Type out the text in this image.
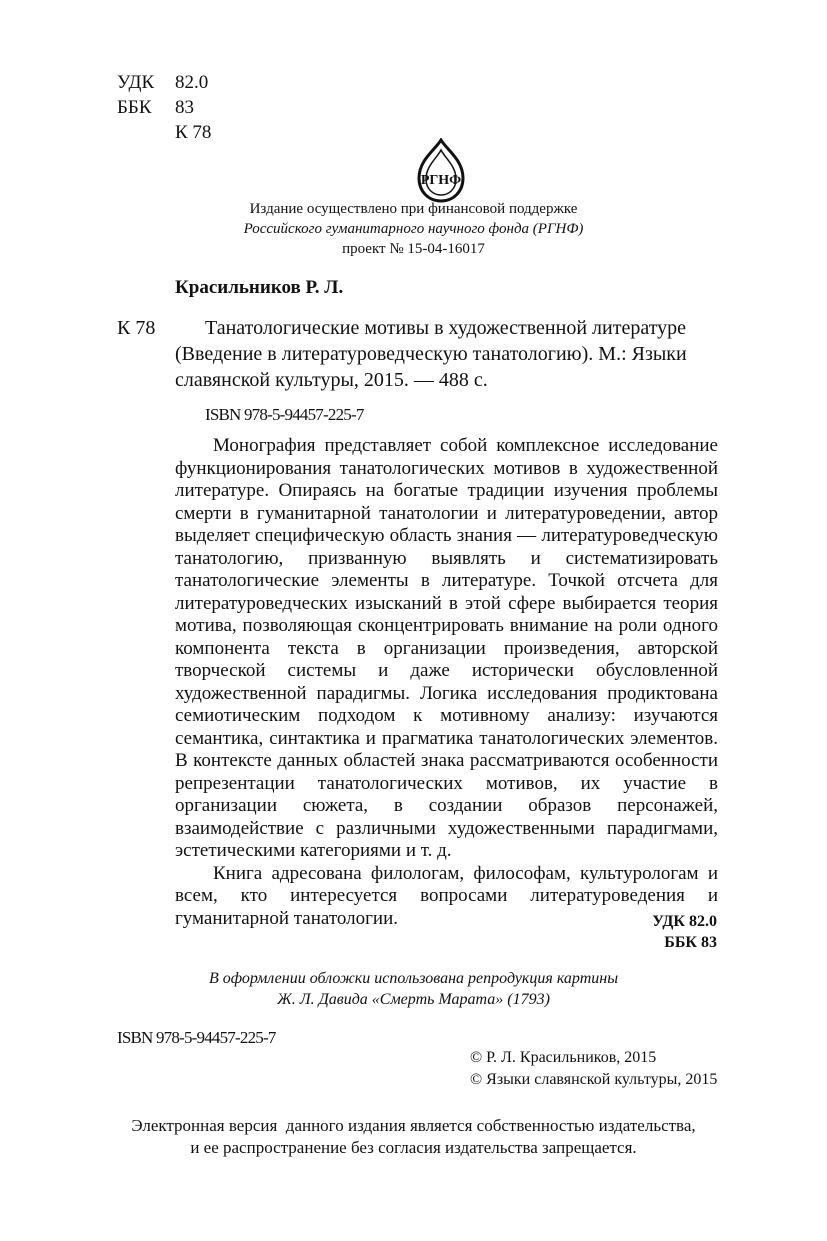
УДК 82.0
ББК 83
К 78
РГНФ
Издание осуществлено при финансовой поддержке
Российского гуманитарного научного фонда (РГНФ)
проект № 15-04-16017
Красильников Р. Л.
К 78	Танатологические мотивы в художественной литературе
(Введение в литературоведческую танатологию). М.: Языки
славянской культуры, 2015. — 488 с.
ISBN 978-5-94457-225-7

Монография представляет собой комплексное исследование функционирования танатологических мотивов в художественной литературе. Опираясь на богатые традиции изучения проблемы смерти в гуманитарной танатологии и литературоведении, автор выделяет специфическую область знания — литературоведческую танатологию, призванную выявлять и систематизировать танатологические элементы в литературе. Точкой отсчета для литературоведческих изысканий в этой сфере выбирается теория мотива, позволяющая сконцентрировать внимание на роли одного компонента текста в организации произведения, авторской творческой системы и даже исторически обусловленной художественной парадигмы. Логика исследования продиктована семиотическим подходом к мотивному анализу: изучаются семантика, синтактика и прагматика танатологических элементов. В контексте данных областей знака рассматриваются особенности репрезентации танатологических мотивов, их участие в организации сюжета, в создании образов персонажей, взаимодействие с различными художественными парадигмами, эстетическими категориями и т. д.

Книга адресована филологам, философам, культурологам и всем, кто интересуется вопросами литературоведения и гуманитарной танатологии.	УДК 82.0
ББК 83
В оформлении обложки использована репродукция картины
Ж. Л. Давида «Смерть Марата» (1793)
ISBN 978-5-94457-225-7
© Р. Л. Красильников, 2015
© Языки славянской культуры, 2015
Электронная версия  данного издания является собственностью издательства,
и ее распространение без согласия издательства запрещается.
